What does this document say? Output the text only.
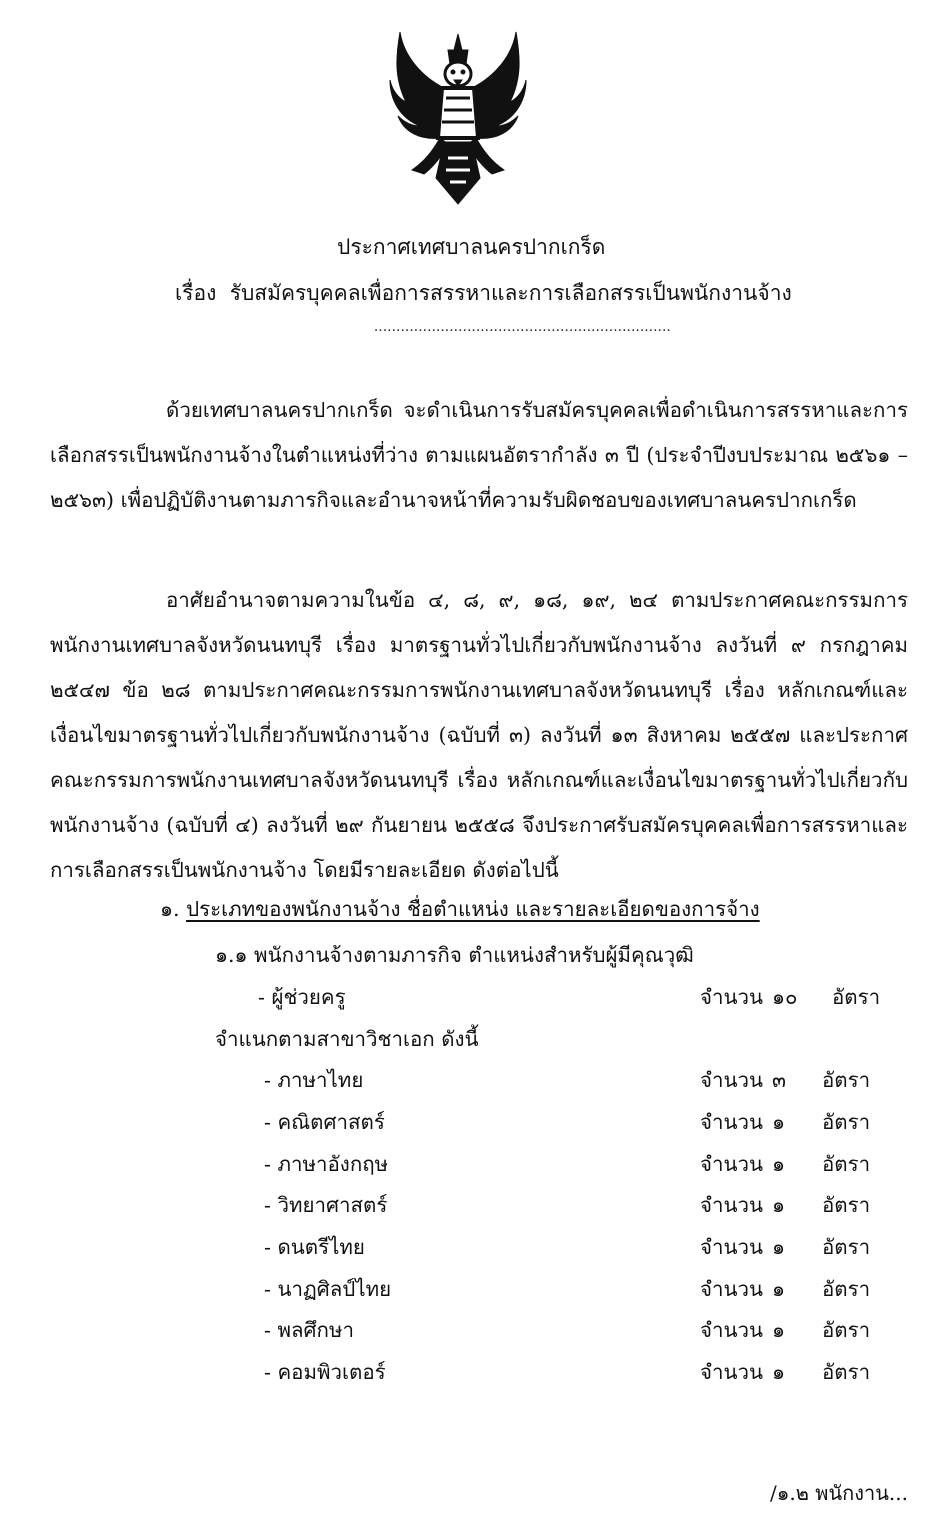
ประกาศเทศบาลนครปากเกร็ด
เรื่อง รับสมัครบุคคลเพื่อการสรรหาและการเลือกสรรเป็นพนักงานจ้าง
...................................................................
ด้วยเทศบาลนครปากเกร็ด จะดำเนินการรับสมัครบุคคลเพื่อดำเนินการสรรหาและการเลือกสรรเป็นพนักงานจ้างในตำแหน่งที่ว่าง ตามแผนอัตรากำลัง ๓ ปี (ประจำปีงบประมาณ ๒๕๖๑ – ๒๕๖๓) เพื่อปฏิบัติงานตามภารกิจและอำนาจหน้าที่ความรับผิดชอบของเทศบาลนครปากเกร็ด
อาศัยอำนาจตามความในข้อ ๔, ๘, ๙, ๑๘, ๑๙, ๒๔ ตามประกาศคณะกรรมการพนักงานเทศบาลจังหวัดนนทบุรี เรื่อง มาตรฐานทั่วไปเกี่ยวกับพนักงานจ้าง ลงวันที่ ๙ กรกฎาคม ๒๕๔๗ ข้อ ๒๘ ตามประกาศคณะกรรมการพนักงานเทศบาลจังหวัดนนทบุรี เรื่อง หลักเกณฑ์และเงื่อนไขมาตรฐานทั่วไปเกี่ยวกับพนักงานจ้าง (ฉบับที่ ๓) ลงวันที่ ๑๓ สิงหาคม ๒๕๕๗ และประกาศคณะกรรมการพนักงานเทศบาลจังหวัดนนทบุรี เรื่อง หลักเกณฑ์และเงื่อนไขมาตรฐานทั่วไปเกี่ยวกับพนักงานจ้าง (ฉบับที่ ๔) ลงวันที่ ๒๙ กันยายน ๒๕๕๘ จึงประกาศรับสมัครบุคคลเพื่อการสรรหาและการเลือกสรรเป็นพนักงานจ้าง โดยมีรายละเอียด ดังต่อไปนี้
๑. ประเภทของพนักงานจ้าง ชื่อตำแหน่ง และรายละเอียดของการจ้าง
๑.๑ พนักงานจ้างตามภารกิจ ตำแหน่งสำหรับผู้มีคุณวุฒิ
- ผู้ช่วยครู	จำนวน ๑๐ อัตรา
จำแนกตามสาขาวิชาเอก ดังนี้
- ภาษาไทย	จำนวน ๓ อัตรา
- คณิตศาสตร์	จำนวน ๑ อัตรา
- ภาษาอังกฤษ	จำนวน ๑ อัตรา
- วิทยาศาสตร์	จำนวน ๑ อัตรา
- ดนตรีไทย	จำนวน ๑ อัตรา
- นาฏศิลป์ไทย	จำนวน ๑ อัตรา
- พลศึกษา	จำนวน ๑ อัตรา
- คอมพิวเตอร์	จำนวน ๑ อัตรา
/๑.๒ พนักงาน...
